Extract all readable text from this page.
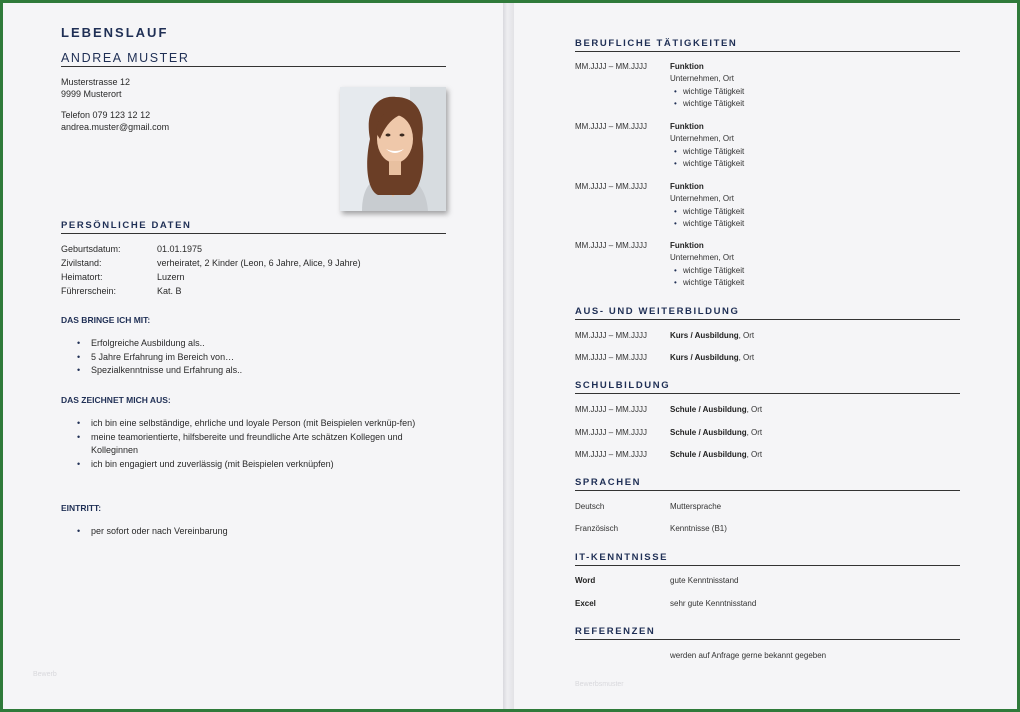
LEBENSLAUF
ANDREA MUSTER
Musterstrasse 12
9999 Musterort
Telefon 079 123 12 12
andrea.muster@gmail.com
PERSÖNLICHE DATEN
Geburtsdatum:	01.01.1975
Zivilstand:	verheiratet, 2 Kinder (Leon, 6 Jahre, Alice, 9 Jahre)
Heimatort:	Luzern
Führerschein:	Kat. B
DAS BRINGE ICH MIT:
• Erfolgreiche Ausbildung als..
• 5 Jahre Erfahrung im Bereich von…
• Spezialkenntnisse und Erfahrung als..
DAS ZEICHNET MICH AUS:
• ich bin eine selbständige, ehrliche und loyale Person (mit Beispielen verknüp-fen)
• meine teamorientierte, hilfsbereite und freundliche Arte schätzen Kollegen und Kolleginnen
• ich bin engagiert und zuverlässig (mit Beispielen verknüpfen)
EINTRITT:
• per sofort oder nach Vereinbarung
Bewerb
BERUFLICHE TÄTIGKEITEN
MM.JJJJ – MM.JJJJ	Funktion
Unternehmen, Ort
• wichtige Tätigkeit
• wichtige Tätigkeit
MM.JJJJ – MM.JJJJ	Funktion
Unternehmen, Ort
• wichtige Tätigkeit
• wichtige Tätigkeit
MM.JJJJ – MM.JJJJ	Funktion
Unternehmen, Ort
• wichtige Tätigkeit
• wichtige Tätigkeit
MM.JJJJ – MM.JJJJ	Funktion
Unternehmen, Ort
• wichtige Tätigkeit
• wichtige Tätigkeit
AUS- UND WEITERBILDUNG
MM.JJJJ – MM.JJJJ	Kurs / Ausbildung, Ort
MM.JJJJ – MM.JJJJ	Kurs / Ausbildung, Ort
SCHULBILDUNG
MM.JJJJ – MM.JJJJ	Schule / Ausbildung, Ort
MM.JJJJ – MM.JJJJ	Schule / Ausbildung, Ort
MM.JJJJ – MM.JJJJ	Schule / Ausbildung, Ort
SPRACHEN
Deutsch	Muttersprache
Französisch	Kenntnisse (B1)
IT-KENNTNISSE
Word	gute Kenntnisstand
Excel	sehr gute Kenntnisstand
REFERENZEN
werden auf Anfrage gerne bekannt gegeben
Bewerbsmuster
